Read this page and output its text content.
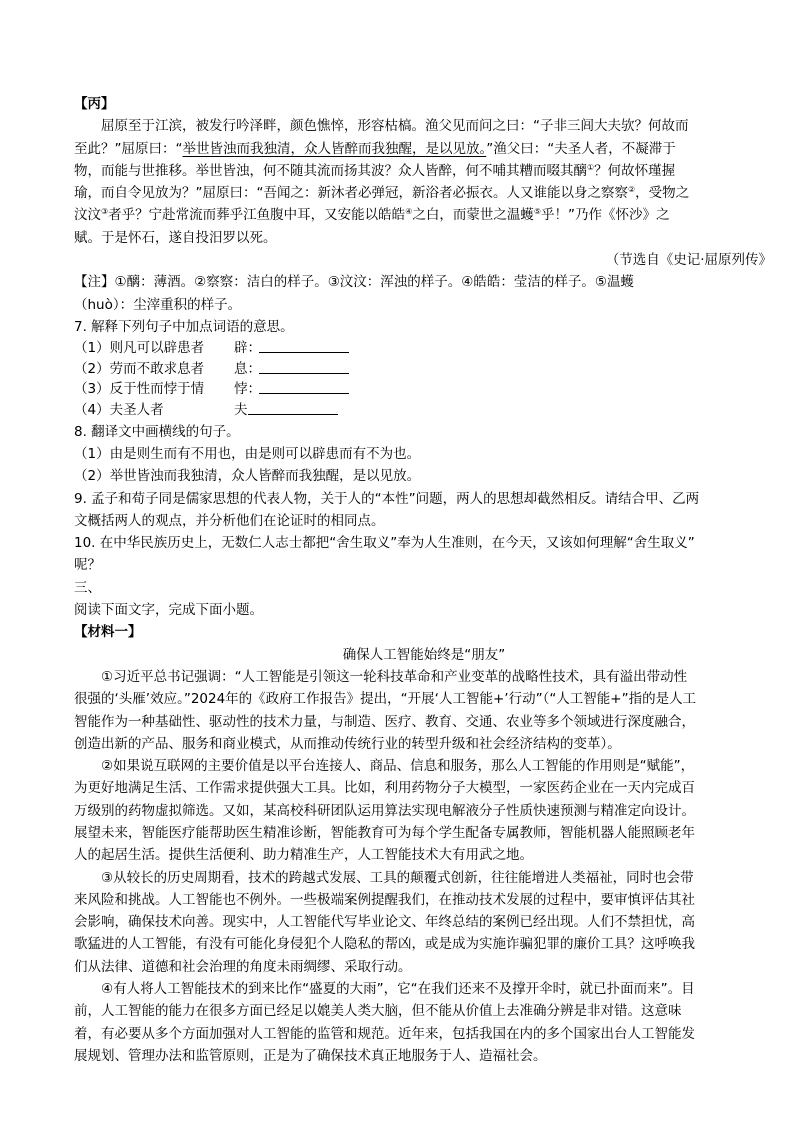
【丙】
屈原至于江滨，被发行吟泽畔，颜色憔悴，形容枯槁。渔父见而问之曰：“子非三闾大夫欤？何故而
至此？”屈原曰：“举世皆浊而我独清，众人皆醉而我独醒，是以见放。”渔父曰：“夫圣人者，不凝滞于
物，而能与世推移。举世皆浊，何不随其流而扬其波？众人皆醉，何不哺其糟而啜其醨①？何故怀瑾握
瑜，而自令见放为？”屈原曰：“吾闻之：新沐者必弹冠，新浴者必振衣。人又谁能以身之察察②，受物之
汶汶③者乎？宁赴常流而葬乎江鱼腹中耳，又安能以皓皓④之白，而蒙世之温蠖⑤乎！”乃作《怀沙》之
赋。于是怀石，遂自投汨罗以死。
（节选自《史记·屈原列传》
【注】①醨：薄酒。②察察：洁白的样子。③汶汶：浑浊的样子。④皓皓：莹洁的样子。⑤温蠖
（huò）：尘滓重积的样子。
7. 解释下列句子中加点词语的意思。
（1）则凡可以辟患者	辟：
（2）劳而不敢求息者	息：
（3）反于性而悖于情	悖：
（4）夫圣人者	夫
8. 翻译文中画横线的句子。
（1）由是则生而有不用也，由是则可以辟患而有不为也。
（2）举世皆浊而我独清，众人皆醉而我独醒，是以见放。
9. 孟子和荀子同是儒家思想的代表人物，关于人的“本性”问题，两人的思想却截然相反。请结合甲、乙两
文概括两人的观点，并分析他们在论证时的相同点。
10. 在中华民族历史上，无数仁人志士都把“舍生取义”奉为人生准则，在今天，又该如何理解“舍生取义”
呢？
三、
阅读下面文字，完成下面小题。
【材料一】
确保人工智能始终是“朋友”
①习近平总书记强调：“人工智能是引领这一轮科技革命和产业变革的战略性技术，具有溢出带动性
很强的‘头雁’效应。”2024年的《政府工作报告》提出，“开展‘人工智能+’行动”（“人工智能+”指的是人工
智能作为一种基础性、驱动性的技术力量，与制造、医疗、教育、交通、农业等多个领域进行深度融合，
创造出新的产品、服务和商业模式，从而推动传统行业的转型升级和社会经济结构的变革）。
②如果说互联网的主要价值是以平台连接人、商品、信息和服务，那么人工智能的作用则是“赋能”，
为更好地满足生活、工作需求提供强大工具。比如，利用药物分子大模型，一家医药企业在一天内完成百
万级别的药物虚拟筛选。又如，某高校科研团队运用算法实现电解液分子性质快速预测与精准定向设计。
展望未来，智能医疗能帮助医生精准诊断，智能教育可为每个学生配备专属教师，智能机器人能照顾老年
人的起居生活。提供生活便利、助力精准生产，人工智能技术大有用武之地。
③从较长的历史周期看，技术的跨越式发展、工具的颠覆式创新，往往能增进人类福祉，同时也会带
来风险和挑战。人工智能也不例外。一些极端案例提醒我们，在推动技术发展的过程中，要审慎评估其社
会影响，确保技术向善。现实中，人工智能代写毕业论文、年终总结的案例已经出现。人们不禁担忧，高
歌猛进的人工智能，有没有可能化身侵犯个人隐私的帮凶，或是成为实施诈骗犯罪的廉价工具？这呼唤我
们从法律、道德和社会治理的角度未雨绸缪、采取行动。
④有人将人工智能技术的到来比作“盛夏的大雨”，它“在我们还来不及撑开伞时，就已扑面而来”。目
前，人工智能的能力在很多方面已经足以媲美人类大脑，但不能从价值上去准确分辨是非对错。这意味
着，有必要从多个方面加强对人工智能的监管和规范。近年来，包括我国在内的多个国家出台人工智能发
展规划、管理办法和监管原则，正是为了确保技术真正地服务于人、造福社会。
